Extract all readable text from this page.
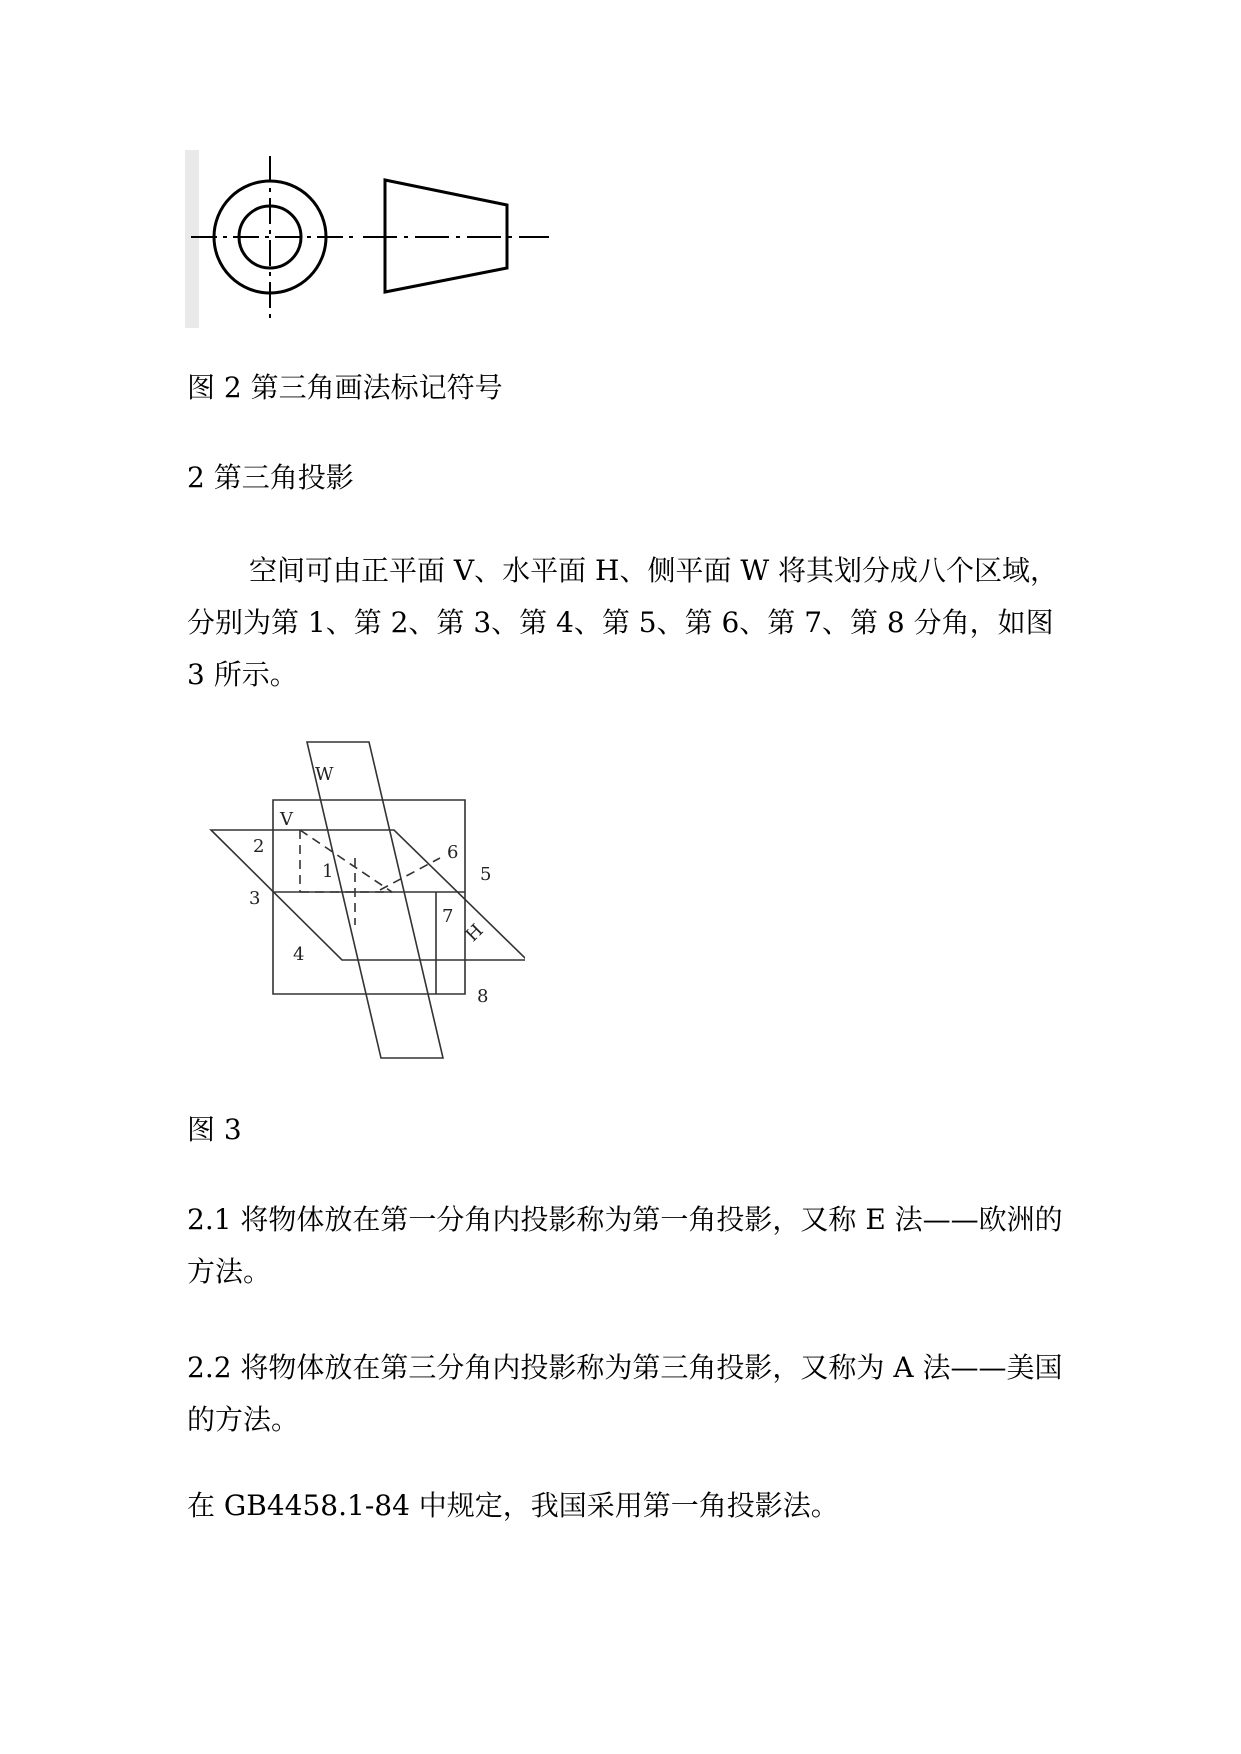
图 2 第三角画法标记符号
2 第三角投影
空间可由正平面 V、水平面 H、侧平面 W 将其划分成八个区域，分别为第 1、第 2、第 3、第 4、第 5、第 6、第 7、第 8 分角，如图 3 所示。
W
V
H
1
2
3
4
5
6
7
8
图 3
2.1 将物体放在第一分角内投影称为第一角投影，又称 E 法——欧洲的方法。
2.2 将物体放在第三分角内投影称为第三角投影，又称为 A 法——美国的方法。
在 GB4458.1-84 中规定，我国采用第一角投影法。
